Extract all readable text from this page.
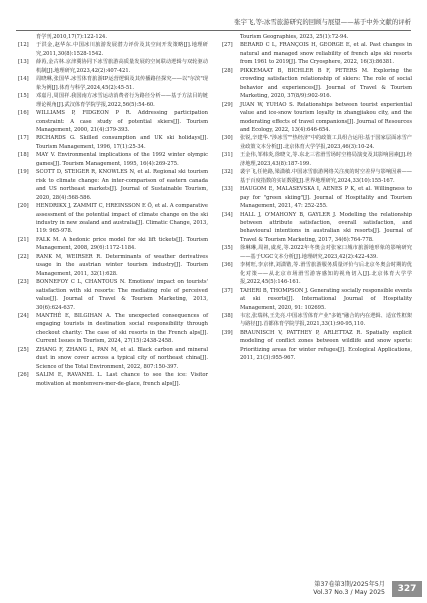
张宇飞,等:冰雪旅游研究的回顾与展望——基于中外文献的评析
育学刊,2010,17(7):122-124.
[12]	于洪金,赵华东.中国冰川旅游发展潜力评价及其空间开发策略[J].地理研究,2011,30(8):1528-1542.
[13]	薛苒,金古林.京津冀协同下冰雪旅游高质量发展的空间联动逻辑与双轮驱动机制[J].地理研究,2023,42(2):407-421.
[14]	周晓琳,张国华.冰雪体育旅游IP运营逻辑及其传播路径探究——以"尔滨"现象为例[J].体育与科学,2024,45(2):45-51.
[15]	邓嘉月,周国祥.我国南方冰雪运动消费者行为路径分析——基于方法目的链理论视角[J].武汉体育学院学报,2022,56(5):54-60.
[16]	WILLIAMS P, FIDGEON P R. Addressing participation constraint: A case study of potential skiers[J]. Tourism Management, 2000, 21(4):379-393.
[17]	RICHARDS G. Skilled consumption and UK ski holidays[J]. Tourism Management, 1996, 17(1):25-34.
[18]	MAY V. Environmental implications of the 1992 winter olympic games[J]. Tourism Management, 1995, 16(4):269-275.
[19]	SCOTT D, STEIGER R, KNOWLES N, et al. Regional ski tourism risk to climate change: An inter-comparison of eastern canada and US northeast markets[J]. Journal of Sustainable Tourism, 2020, 28(4):568-586.
[20]	HENDRIKX J, ZAMMIT C, HREINSSON E Ö, et al. A comparative assessment of the potential impact of climate change on the ski industry in new zealand and australia[J]. Climatic Change, 2013, 119: 965-978.
[21]	FALK M. A hedonic price model for ski lift tickets[J]. Tourism Management, 2008, 29(6):1172-1184.
[22]	RANK M, WEIRSER R. Determinants of weather derivatives usage in the austrian winter tourism industry[J]. Tourism Management, 2011, 32(1):628.
[23]	BONNEFOY C L, CHANTOUS N. Emotions' impact on tourists' satisfaction with ski resorts: The mediating role of perceived value[J]. Journal of Travel & Tourism Marketing, 2013, 30(6):624-637.
[24]	MANTHÉ E, BILGIHAN A. The unexpected consequences of engaging tourists in destination social responsibility through checkout charity: The case of ski resorts in the French alps[J]. Current Issues in Tourism, 2024, 27(15):2438-2458.
[25]	ZHANG F, ZHANG L, PAN M, et al. Black carbon and mineral dust in snow cover across a typical city of northeast china[J]. Science of the Total Environment, 2022, 807:150-397.
[26]	SALIM E, RAVANEL L. Last chance to see the ice: Visitor motivation at montenvers-mer-de-glace, french alps[J].
Tourism Geographies, 2023, 25(1):72-94.
[27]	BERARD C L, FRANÇOIS H, GEORGE E, et al. Past changes in natural and managed snow reliability of french alps ski resorts from 1961 to 2019[J]. The Cryosphere, 2022, 16(3):86381.
[28]	PIKKEMAAT B, BICHLER B F, PETERS M. Exploring the crowding satisfaction relationship of skiers: The role of social behavior and experiences[J]. Journal of Travel & Tourism Marketing, 2020, 37(8/9):902-916.
[29]	JUAN W, YUHAO S. Relationships between tourist experiential value and ice-snow tourism loyalty in zhangjiakou city, and the moderating effects of travel companions[J]. Journal of Resources and Ecology, 2022, 13(4):646-654.
[30]	张锐,辛建华."涉冰雪""热经济"中的政策工具组合运用:基于国家层面冰雪产业政策文本分析[J].北京体育大学学报,2023,46(3):10-24.
[31]	王金伟,邹韩炎,徐晓文,等.东北三省滑雪场时空格局演变及其影响因素[J].经济地理,2023,43(8):187-199.
[32]	裴宇飞,任艳路,梁潇敏.中国冰雪旅游网络关注度的时空差异与影响因素——基于百度指数的实证数据[J].世界地理研究,2024,33(10):155-167.
[33]	HAUGOM E, MALASEVSKA I, AENES P K, et al. Willingness to pay for "green skiing"[J]. Journal of Hospitality and Tourism Management, 2021, 47: 252-255.
[34]	HALL J, O'MAHONY B, GAYLER J. Modelling the relationship between attribute satisfaction, overall satisfaction, and behavioural intentions in australian ski resorts[J]. Journal of Travel & Tourism Marketing, 2017, 34(6):764-778.
[35]	徐琳琳,周祖,虞虎,等.2022年冬奥会对张家口城市旅游地形象的影响研究——基于UGC文本分析[J].地理研究,2023,42(2):422-439.
[36]	李树旺,李京律,刘潇锴,等.滑雪旅游服务质量评价与后北京冬奥会时期的优化对策——从北京市场滑雪游客感知的视角切入[J].北京体育大学学报,2022,45(5):146-161.
[37]	TAHERI B, THOMPSON J. Generating socially responsible events at ski resorts[J]. International Journal of Hospitality Management, 2020, 91: 102695.
[38]	韦宏,张瑞林,王先亮.中国冰雪体育产业"多链"融合的内在逻辑、适宜性框架与路径[J].首都体育学院学报,2021,33(1):90-95,110.
[39]	BRAUNISCH V, PATTHEY P, ARLETTAZ R. Spatially explicit modeling of conflict zones between wildlife and snow sports: Prioritizing areas for winter refuges[J]. Ecological Applications, 2011, 21(3):955-967.
第37卷第3期/2025年5月
Vol.37 No.3 / May 2025	327
